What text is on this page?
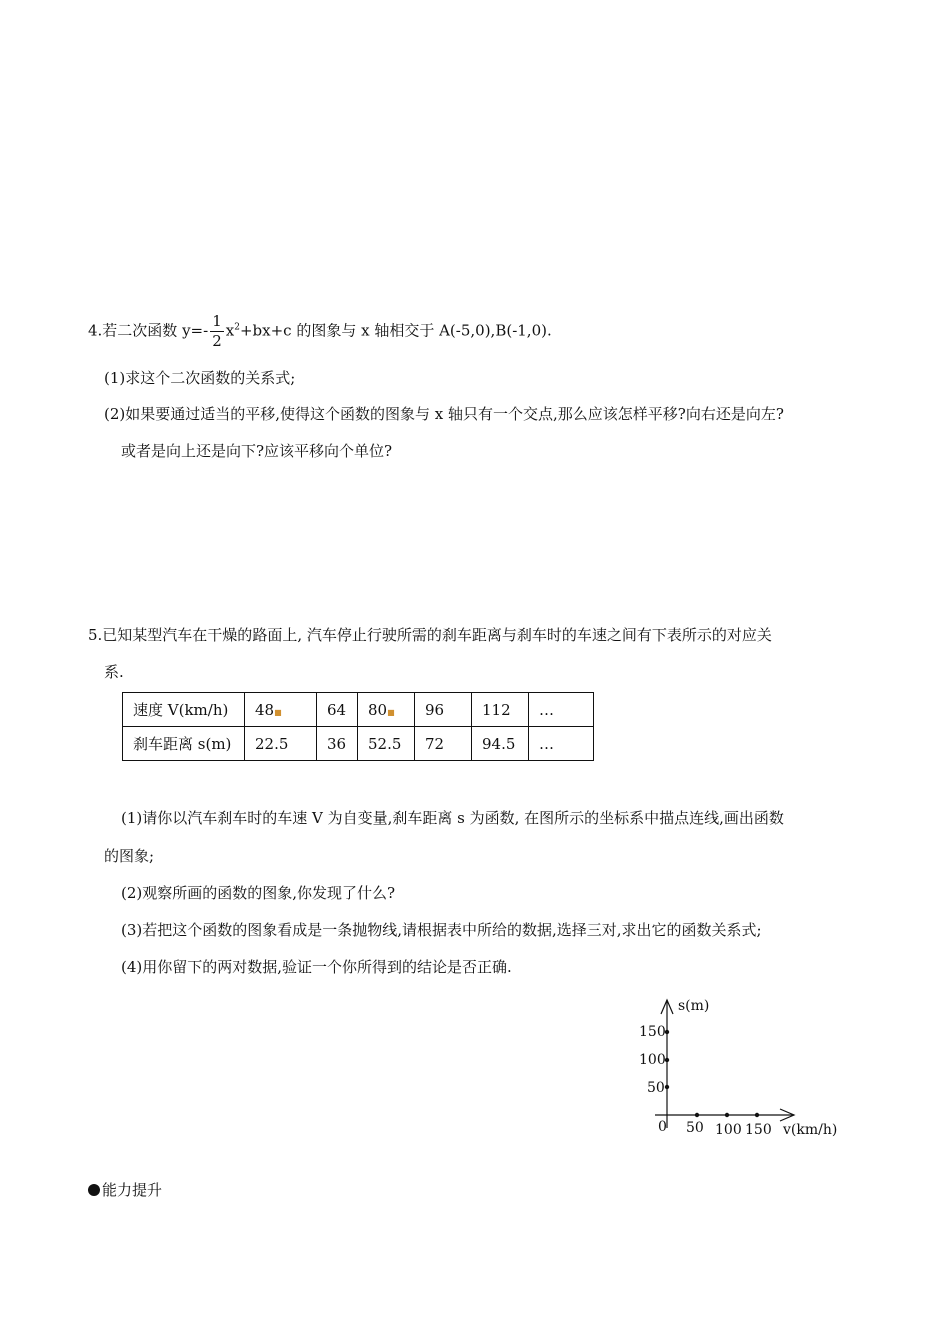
4.若二次函数 $y=- \frac{1}{2} x^2+bx+c$ 的图象与 x 轴相交于 A(-5,0),B(-1,0).
(1)求这个二次函数的关系式;
(2)如果要通过适当的平移,使得这个函数的图象与 x 轴只有一个交点,那么应该怎样平移?向右还是向左?
或者是向上还是向下?应该平移向个单位?
5.已知某型汽车在干燥的路面上, 汽车停止行驶所需的刹车距离与刹车时的车速之间有下表所示的对应关
系.
速度 V(km/h)	48■	64	80■	96	112	…
刹车距离 s(m)	22.5	36	52.5	72	94.5	…
(1)请你以汽车刹车时的车速 V 为自变量,刹车距离 s 为函数, 在图所示的坐标系中描点连线,画出函数
的图象;
(2)观察所画的函数的图象,你发现了什么?
(3)若把这个函数的图象看成是一条抛物线,请根据表中所给的数据,选择三对,求出它的函数关系式;
(4)用你留下的两对数据,验证一个你所得到的结论是否正确.
s(m)
150
100
50
0 50 100 150 v(km/h)
能力提升
